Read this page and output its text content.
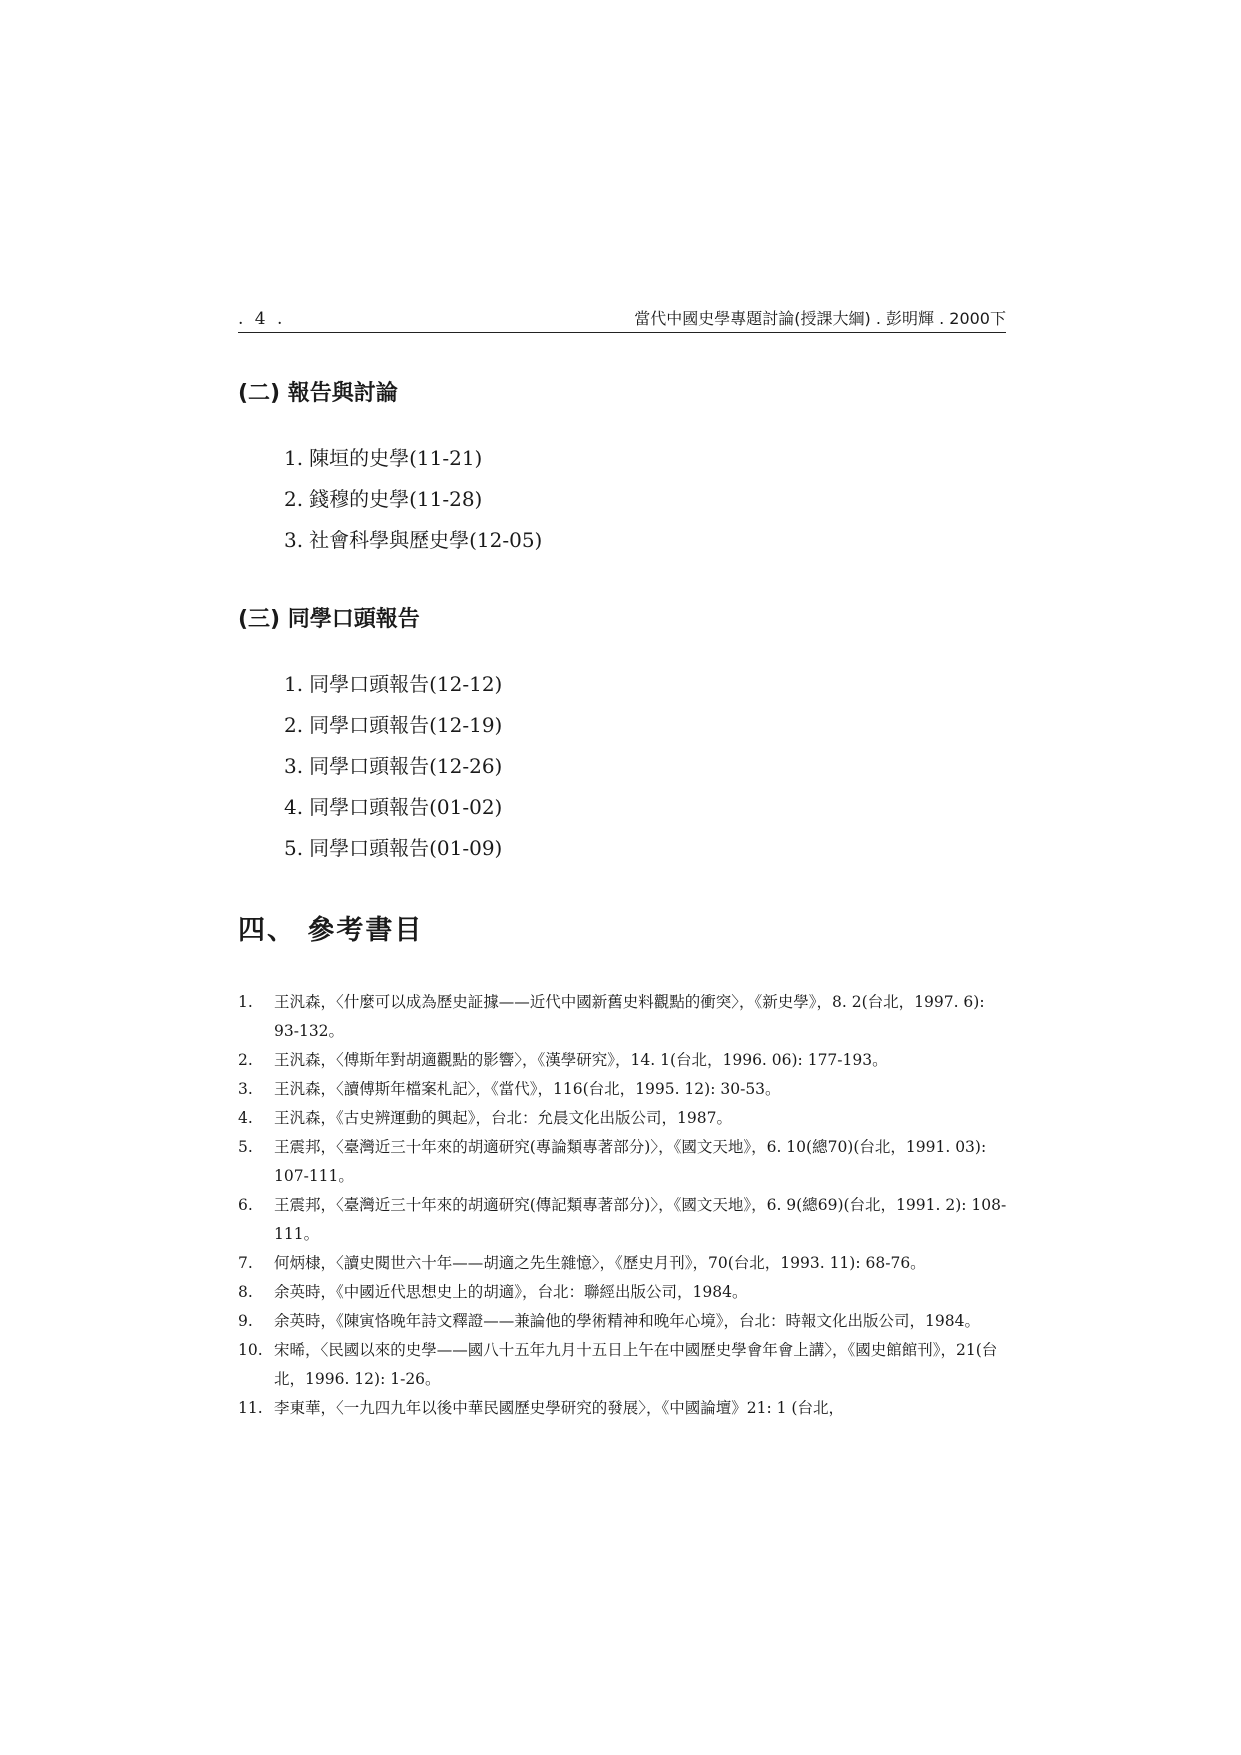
. 4 .	當代中國史學專題討論(授課大綱) . 彭明輝 . 2000下
(二) 報告與討論
1. 陳垣的史學(11-21)
2. 錢穆的史學(11-28)
3. 社會科學與歷史學(12-05)
(三) 同學口頭報告
1. 同學口頭報告(12-12)
2. 同學口頭報告(12-19)
3. 同學口頭報告(12-26)
4. 同學口頭報告(01-02)
5. 同學口頭報告(01-09)
四、 參考書目
1. 王汎森，〈什麼可以成為歷史証據——近代中國新舊史料觀點的衝突〉，《新史學》，8. 2(台北，1997. 6): 93-132。
2. 王汎森，〈傅斯年對胡適觀點的影響〉，《漢學研究》，14. 1(台北，1996. 06): 177-193。
3. 王汎森，〈讀傅斯年檔案札記〉，《當代》，116(台北，1995. 12): 30-53。
4. 王汎森，《古史辨運動的興起》，台北：允晨文化出版公司，1987。
5. 王震邦，〈臺灣近三十年來的胡適研究(專論類專著部分)〉，《國文天地》，6. 10(總70)(台北，1991. 03): 107-111。
6. 王震邦，〈臺灣近三十年來的胡適研究(傳記類專著部分)〉，《國文天地》，6. 9(總69)(台北，1991. 2): 108-111。
7. 何炳棣，〈讀史閱世六十年——胡適之先生雜憶〉，《歷史月刊》，70(台北，1993. 11): 68-76。
8. 余英時，《中國近代思想史上的胡適》，台北：聯經出版公司，1984。
9. 余英時，《陳寅恪晚年詩文釋證——兼論他的學術精神和晚年心境》，台北：時報文化出版公司，1984。
10. 宋晞，〈民國以來的史學——國八十五年九月十五日上午在中國歷史學會年會上講〉，《國史館館刊》，21(台北，1996. 12): 1-26。
11. 李東華，〈一九四九年以後中華民國歷史學研究的發展〉，《中國論壇》21: 1 (台北，
